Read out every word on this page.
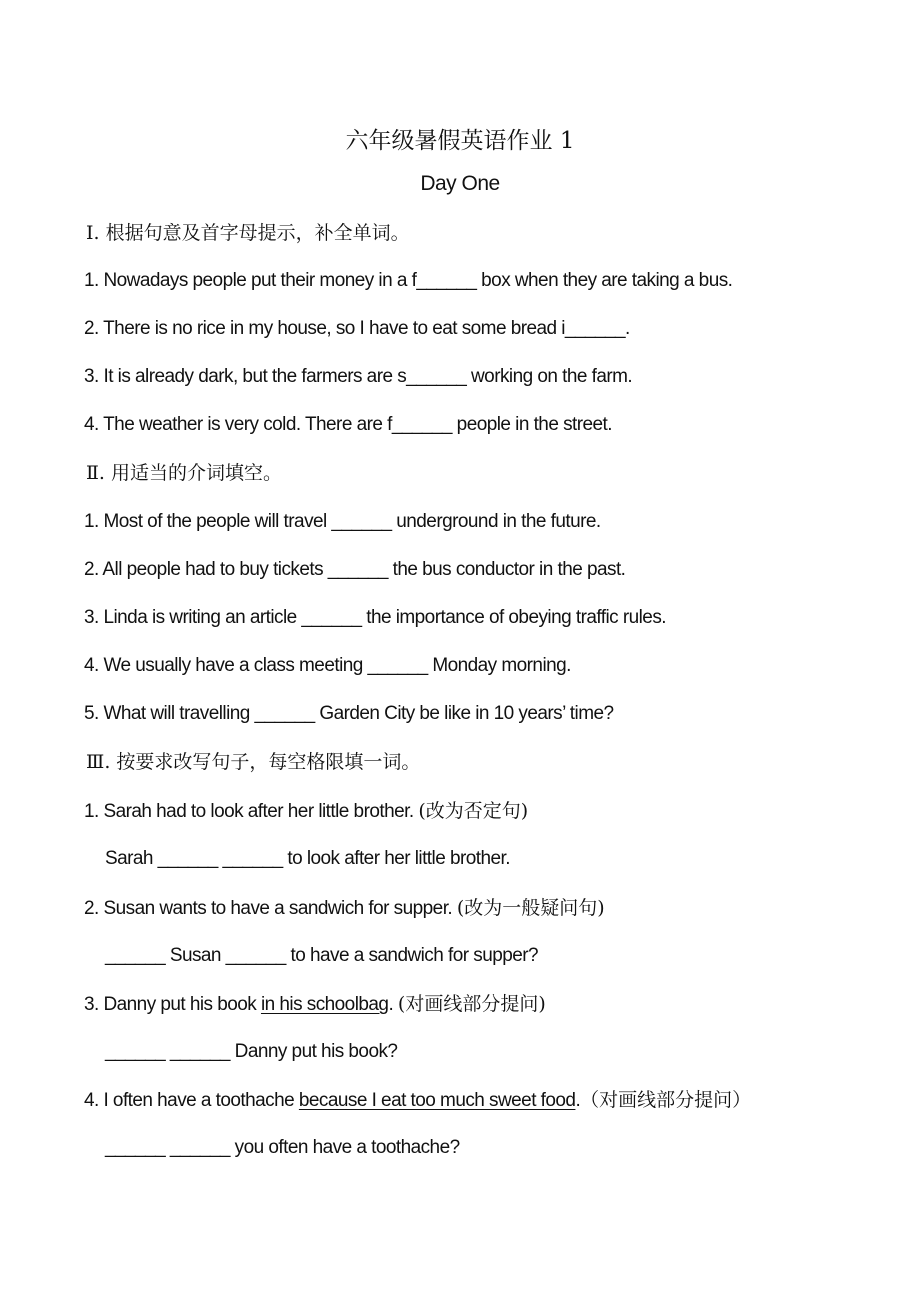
六年级暑假英语作业 1
Day One
Ⅰ. 根据句意及首字母提示，补全单词。
1. Nowadays people put their money in a f______ box when they are taking a bus.
2. There is no rice in my house, so I have to eat some bread i______.
3. It is already dark, but the farmers are s______ working on the farm.
4. The weather is very cold. There are f______ people in the street.
Ⅱ. 用适当的介词填空。
1. Most of the people will travel ______ underground in the future.
2. All people had to buy tickets ______ the bus conductor in the past.
3. Linda is writing an article ______ the importance of obeying traffic rules.
4. We usually have a class meeting ______ Monday morning.
5. What will travelling ______ Garden City be like in 10 years’ time?
Ⅲ. 按要求改写句子，每空格限填一词。
1. Sarah had to look after her little brother. (改为否定句)
Sarah ______ ______ to look after her little brother.
2. Susan wants to have a sandwich for supper. (改为一般疑问句)
______ Susan ______ to have a sandwich for supper?
3. Danny put his book in his schoolbag. (对画线部分提问)
______ ______ Danny put his book?
4. I often have a toothache because I eat too much sweet food.（对画线部分提问）
______ ______ you often have a toothache?
